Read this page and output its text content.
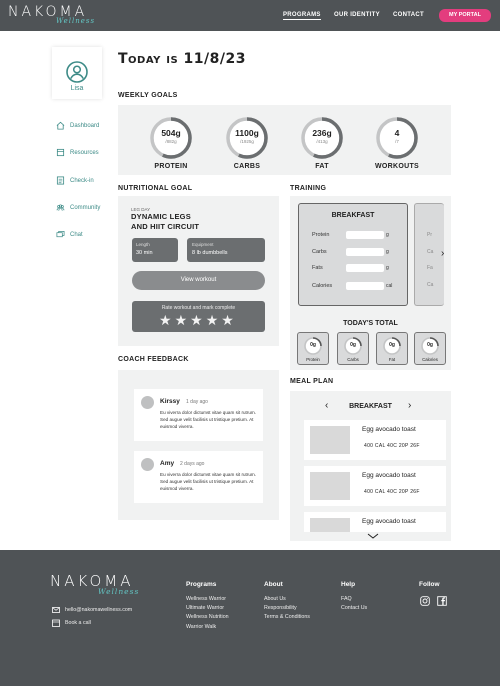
NAKOMA
Wellness
PROGRAMS OUR IDENTITY CONTACT	MY PORTAL
Lisa
Dashboard
Resources
Check-in
Community
Chat
Today is 11/8/23
WEEKLY GOALS
504g
/882g
PROTEIN
1100g
/1925g
CARBS
236g
/413g
FAT
4
/7
WORKOUTS
NUTRITIONAL GOAL
LEG DAY
DYNAMIC LEGS
AND HIIT CIRCUIT
Length
30 min
Equipment
8 lb dumbbells
View workout
Rate workout and mark complete
★ ★ ★ ★ ★
COACH FEEDBACK
Kirssy 1 day ago
Eu viverra dolor dictumst vitae quam sit rutrum. Sed augue velit facilisis ut tristique pretium. At euismod viverra.
Amy 2 days ago
Eu viverra dolor dictumst vitae quam sit rutrum. Sed augue velit facilisis ut tristique pretium. At euismod viverra.
TRAINING
BREAKFAST
Pr
Ca
Fa
Ca
›
Protein	g
Carbs	g
Fats	g
Calories	cal
TODAY'S TOTAL
0g
Protein
0g
Carbs
0g
Fat
0g
Calories
MEAL PLAN
‹	BREAKFAST	›
Egg avocado toast
400 CAL 40C 20P 26F
Egg avocado toast
400 CAL 40C 20P 26F
Egg avocado toast
NAKOMA
Wellness
hello@nakomawellness.com
Book a call
Programs
Wellness Warrior
Ultimate Warrior
Wellness Nutrition
Warrior Walk
About
About Us
Responsibility
Terms & Conditions
Help
FAQ
Contact Us
Follow
